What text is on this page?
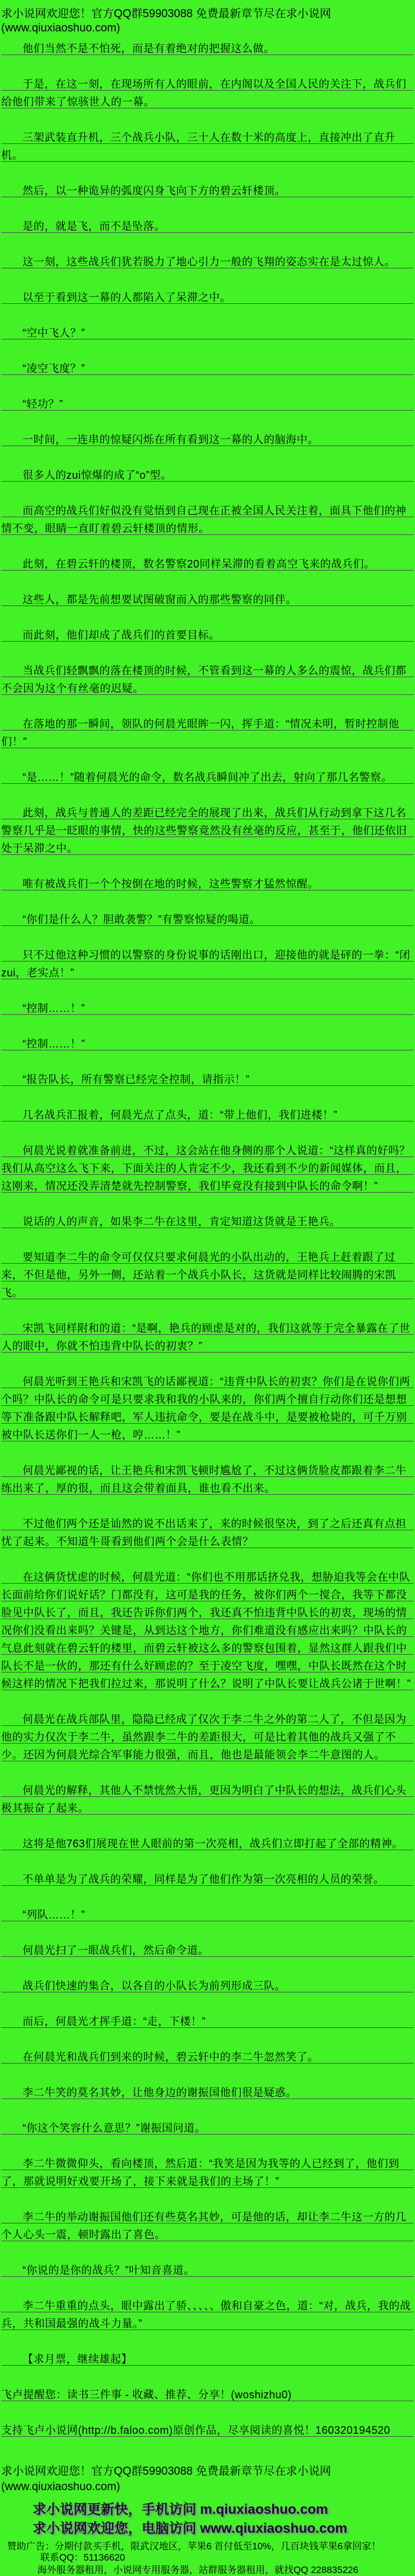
求小说网欢迎您！官方QQ群59903088 免费最新章节尽在求小说网(www.qiuxiaoshuo.com)

他们当然不是不怕死，而是有着绝对的把握这么做。

于是，在这一刻，在现场所有人的眼前，在内阁以及全国人民的关注下，战兵们给他们带来了惊骇世人的一幕。

三架武装直升机，三个战兵小队，三十人在数十米的高度上，直接冲出了直升机。

然后，以一种诡异的弧度闪身飞向下方的碧云轩楼顶。

是的，就是飞，而不是坠落。

这一刻，这些战兵们犹若脱力了地心引力一般的飞翔的姿态实在是太过惊人。

以至于看到这一幕的人都陷入了呆滞之中。

“空中飞人？”

“凌空飞度？”

“轻功？”

一时间，一连串的惊疑闪烁在所有看到这一幕的人的脑海中。

很多人的zui惊爆的成了“o”型。

而高空的战兵们好似没有觉悟到自己现在正被全国人民关注着，面具下他们的神情不变，眼睛一直盯着碧云轩楼顶的情形。

此刻，在碧云轩的楼顶，数名警察20同样呆滞的看着高空飞来的战兵们。

这些人，都是先前想要试图破窗而入的那些警察的同伴。

而此刻，他们却成了战兵们的首要目标。

当战兵们轻飘飘的落在楼顶的时候，不管看到这一幕的人多么的震惊，战兵们都不会因为这个有丝毫的迟疑。

在落地的那一瞬间，领队的何晨光眼眸一闪，挥手道：“情况未明，暂时控制他们！”

“是……！”随着何晨光的命令，数名战兵瞬间冲了出去，射向了那几名警察。

此刻，战兵与普通人的差距已经完全的展现了出来，战兵们从行动到拿下这几名警察几乎是一眨眼的事情，快的这些警察竟然没有丝毫的反应，甚至于，他们还依旧处于呆滞之中。

唯有被战兵们一个个按倒在地的时候，这些警察才猛然惊醒。

“你们是什么人？胆敢袭警？”有警察惊疑的喝道。

只不过他这种习惯的以警察的身份说事的话刚出口，迎接他的就是砰的一拳：“闭zui，老实点！”

“控制……！”

“控制……！”

“报告队长，所有警察已经完全控制，请指示！”

几名战兵汇报着，何晨光点了点头，道：“带上他们，我们进楼！”

何晨光说着就准备前进，不过，这会站在他身侧的那个人说道：“这样真的好吗？我们从高空这么飞下来，下面关注的人肯定不少，我还看到不少的新闻媒体，而且，这刚来，情况还没弄清楚就先控制警察，我们毕竟没有接到中队长的命令啊！”

说话的人的声音，如果李二牛在这里，肯定知道这货就是王艳兵。

要知道李二牛的命令可仅仅只要求何晨光的小队出动的，王艳兵上赶着跟了过来，不但是他，另外一侧，还站着一个战兵小队长，这货就是同样比较闹腾的宋凯飞。

宋凯飞同样附和的道：“是啊，艳兵的顾虑是对的，我们这就等于完全暴露在了世人的眼中，你就不怕违背中队长的初衷？”

何晨光听到王艳兵和宋凯飞的话鄙视道：“违背中队长的初衷？你们是在说你们两个吗？中队长的命令可是只要求我和我的小队来的，你们两个擅自行动你们还是想想等下准备跟中队长解释吧，军人违抗命令，要是在战斗中，是要被枪毙的，可千万别被中队长送你们一人一枪，哼……！”

何晨光鄙视的话，让王艳兵和宋凯飞顿时尴尬了，不过这俩货脸皮都跟着李二牛练出来了，厚的很，而且这会带着面具，谁也看不出来。

不过他们两个还是讪然的说不出话来了，来的时候很坚决，到了之后还真有点担忧了起来。不知道牛哥看到他们两个会是什么表情？

在这俩货忧虑的时候，何晨光道：“你们也不用那话挤兑我，想胁迫我等会在中队长面前给你们说好话？门都没有，这可是我的任务，被你们两个一搅合，我等下都没脸见中队长了，而且，我还告诉你们两个，我还真不怕违背中队长的初衷，现场的情况你们没看出来吗？关键是，从到达这个地方，你们难道没有感应出来吗？中队长的气息此刻就在碧云轩的楼里，而碧云轩被这么多的警察包围着，显然这群人跟我们中队长不是一伙的，那还有什么好顾虑的？至于凌空飞度，嘿嘿，中队长既然在这个时候这样的情况下把我们拉过来，那说明了什么？说明了中队长要让战兵公诸于世啊！”

何晨光在战兵部队里，隐隐已经成了仅次于李二牛之外的第二人了，不但是因为他的实力仅次于李二牛，虽然跟李二牛的差距很大，可是比着其他的战兵又强了不少。还因为何晨光综合军事能力很强，而且，他也是最能领会李二牛意图的人。

何晨光的解释，其他人不禁恍然大悟，更因为明白了中队长的想法，战兵们心头极其振奋了起来。

这将是他763们展现在世人眼前的第一次亮相，战兵们立即打起了全部的精神。

不单单是为了战兵的荣耀，同样是为了他们作为第一次亮相的人员的荣誉。

“列队……！”

何晨光扫了一眼战兵们，然后命令道。

战兵们快速的集合，以各自的小队长为前列形成三队。

而后，何晨光才挥手道：“走，下楼！”

在何晨光和战兵们到来的时候，碧云轩中的李二牛忽然笑了。

李二牛笑的莫名其妙，让他身边的谢振国他们很是疑惑。

“你这个笑容什么意思？”谢振国问道。

李二牛微微仰头，看向楼顶，然后道：“我笑是因为我等的人已经到了，他们到了，那就说明好戏要开场了，接下来就是我们的主场了！”

李二牛的举动谢振国他们还有些莫名其妙，可是他的话，却让李二牛这一方的几个人心头一震，顿时露出了喜色。

“你说的是你的战兵？”叶知音喜道。

李二牛重重的点头，眼中露出了骄、、、、、傲和自豪之色，道：“对，战兵，我的战兵，共和国最强的战斗力量。”

【求月票，继续雄起】

飞卢提醒您：读书三件事 - 收藏、推荐、分享！(woshizhu0)

支持飞卢小说网(http://b.faloo.com)原创作品，尽享阅读的喜悦！160320194520

求小说网欢迎您！官方QQ群59903088 免费最新章节尽在求小说网(www.qiuxiaoshuo.com)
求小说网更新快，手机访问 m.qiuxiaoshuo.com
求小说网欢迎您，电脑访问 www.qiuxiaoshuo.com
赞助广告：分期付款买手机，限武汉地区，苹果6 首付低至10%，几百块钱苹果6拿回家！
联系QQ：51136620
海外服务器租用，小说网专用服务器，站群服务器租用，就找QQ 228835226
